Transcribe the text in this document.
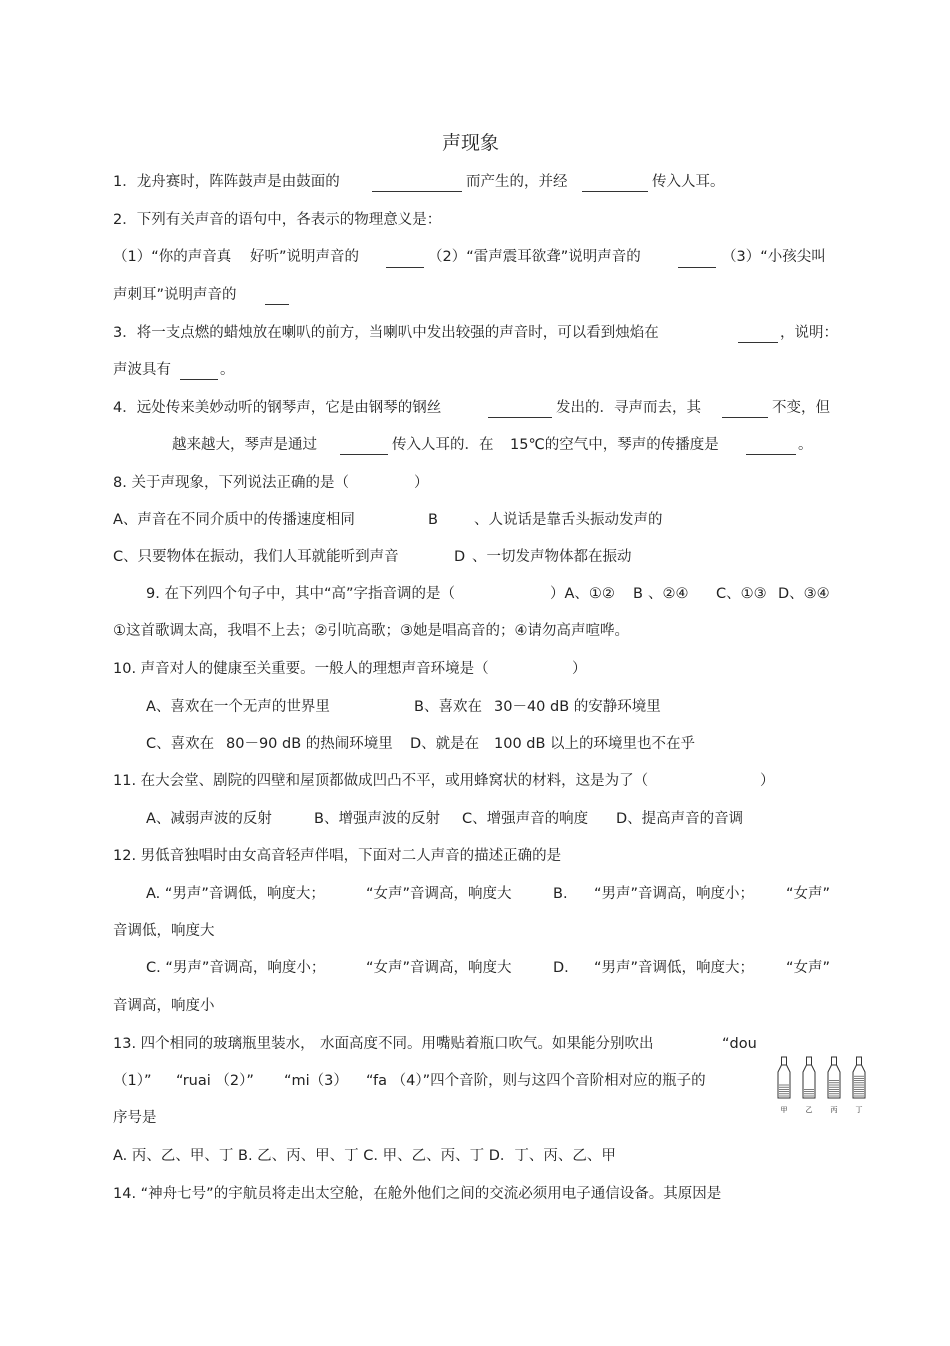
声现象
1．龙舟赛时，阵阵鼓声是由鼓面的	而产生的，并经	传入人耳。
2．下列有关声音的语句中，各表示的物理意义是：
（1）“你的声音真 好听”说明声音的	（2）“雷声震耳欲聋”说明声音的	（3）“小孩尖叫
声刺耳”说明声音的
3．将一支点燃的蜡烛放在喇叭的前方，当喇叭中发出较强的声音时，可以看到烛焰在	，说明：
声波具有	。
4．远处传来美妙动听的钢琴声，它是由钢琴的钢丝	发出的．寻声而去，其	不变，但
越来越大，琴声是通过	传入人耳的．在 15℃的空气中，琴声的传播度是	。
8. 关于声现象，下列说法正确的是（	）
A、声音在不同介质中的传播速度相同	B 、人说话是靠舌头振动发声的
C、只要物体在振动，我们人耳就能听到声音	D 、一切发声物体都在振动
9. 在下列四个句子中，其中“高”字指音调的是（	）A、①② B 、②④ C、①③ D、③④
①这首歌调太高，我唱不上去；②引吭高歌；③她是唱高音的；④请勿高声喧哗。
10. 声音对人的健康至关重要。一般人的理想声音环境是（	）
A、喜欢在一个无声的世界里	B、喜欢在 30－40 dB 的安静环境里
C、喜欢在 80－90 dB 的热闹环境里 D、就是在 100 dB 以上的环境里也不在乎
11. 在大会堂、剧院的四壁和屋顶都做成凹凸不平，或用蜂窝状的材料，这是为了（	）
A、减弱声波的反射	B、增强声波的反射 C、增强声音的响度 D、提高声音的音调
12. 男低音独唱时由女高音轻声伴唱，下面对二人声音的描述正确的是
A. “男声”音调低，响度大；	“女声”音调高，响度大	B. “男声”音调高，响度小； “女声”
音调低，响度大
C. “男声”音调高，响度小；	“女声”音调高，响度大	D. “男声”音调低，响度大； “女声”
音调高，响度小
13. 四个相同的玻璃瓶里装水， 水面高度不同。用嘴贴着瓶口吹气。如果能分别吹出	“dou
（1）” “ruai （2）” “mi（3） “fa （4）”四个音阶，则与这四个音阶相对应的瓶子的
序号是
A. 丙、乙、甲、丁 B. 乙、丙、甲、丁 C. 甲、乙、丙、丁 D．丁、丙、乙、甲
甲	乙	丙	丁
14. “神舟七号”的宇航员将走出太空舱，在舱外他们之间的交流必须用电子通信设备。其原因是
